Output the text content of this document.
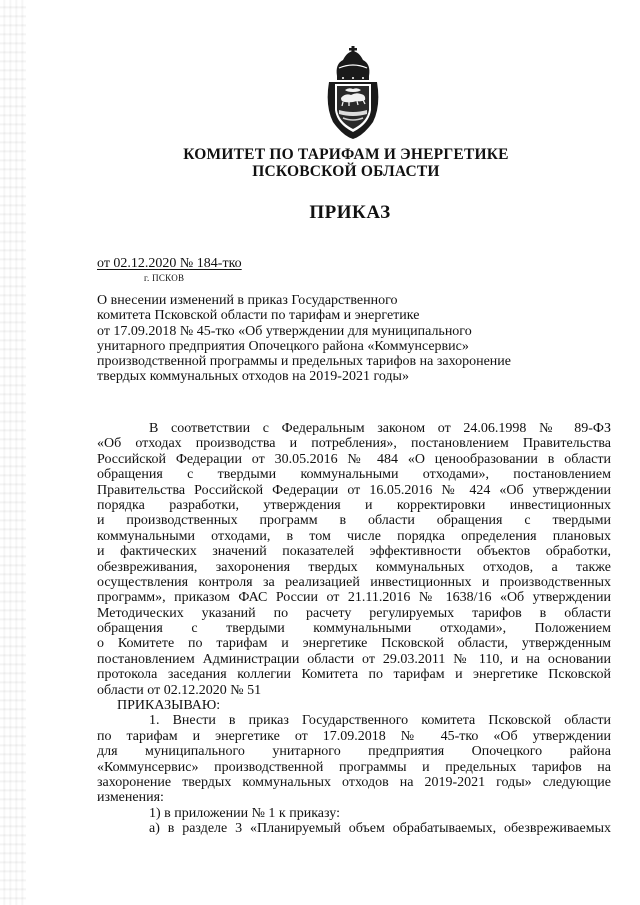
КОМИТЕТ ПО ТАРИФАМ И ЭНЕРГЕТИКЕ
ПСКОВСКОЙ ОБЛАСТИ
ПРИКАЗ
от 02.12.2020 № 184-тко
г. ПСКОВ
О внесении изменений в приказ Государственного
комитета Псковской области по тарифам и энергетике
от 17.09.2018 № 45-тко «Об утверждении для муниципального
унитарного предприятия Опочецкого района «Коммунсервис»
производственной программы и предельных тарифов на захоронение
твердых коммунальных отходов на 2019-2021 годы»
В соответствии с Федеральным законом от 24.06.1998 № 89-ФЗ
«Об отходах производства и потребления», постановлением Правительства
Российской Федерации от 30.05.2016 № 484 «О ценообразовании в области
обращения с твердыми коммунальными отходами», постановлением
Правительства Российской Федерации от 16.05.2016 № 424 «Об утверждении
порядка разработки, утверждения и корректировки инвестиционных
и производственных программ в области обращения с твердыми
коммунальными отходами, в том числе порядка определения плановых
и фактических значений показателей эффективности объектов обработки,
обезвреживания, захоронения твердых коммунальных отходов, а также
осуществления контроля за реализацией инвестиционных и производственных
программ», приказом ФАС России от 21.11.2016 № 1638/16 «Об утверждении
Методических указаний по расчету регулируемых тарифов в области
обращения с твердыми коммунальными отходами», Положением
о Комитете по тарифам и энергетике Псковской области, утвержденным
постановлением Администрации области от 29.03.2011 № 110, и на основании
протокола заседания коллегии Комитета по тарифам и энергетике Псковской
области от 02.12.2020 № 51
ПРИКАЗЫВАЮ:
1. Внести в приказ Государственного комитета Псковской области
по тарифам и энергетике от 17.09.2018 № 45-тко «Об утверждении
для муниципального унитарного предприятия Опочецкого района
«Коммунсервис» производственной программы и предельных тарифов на
захоронение твердых коммунальных отходов на 2019-2021 годы» следующие
изменения:
1) в приложении № 1 к приказу:
а) в разделе 3 «Планируемый объем обрабатываемых, обезвреживаемых
